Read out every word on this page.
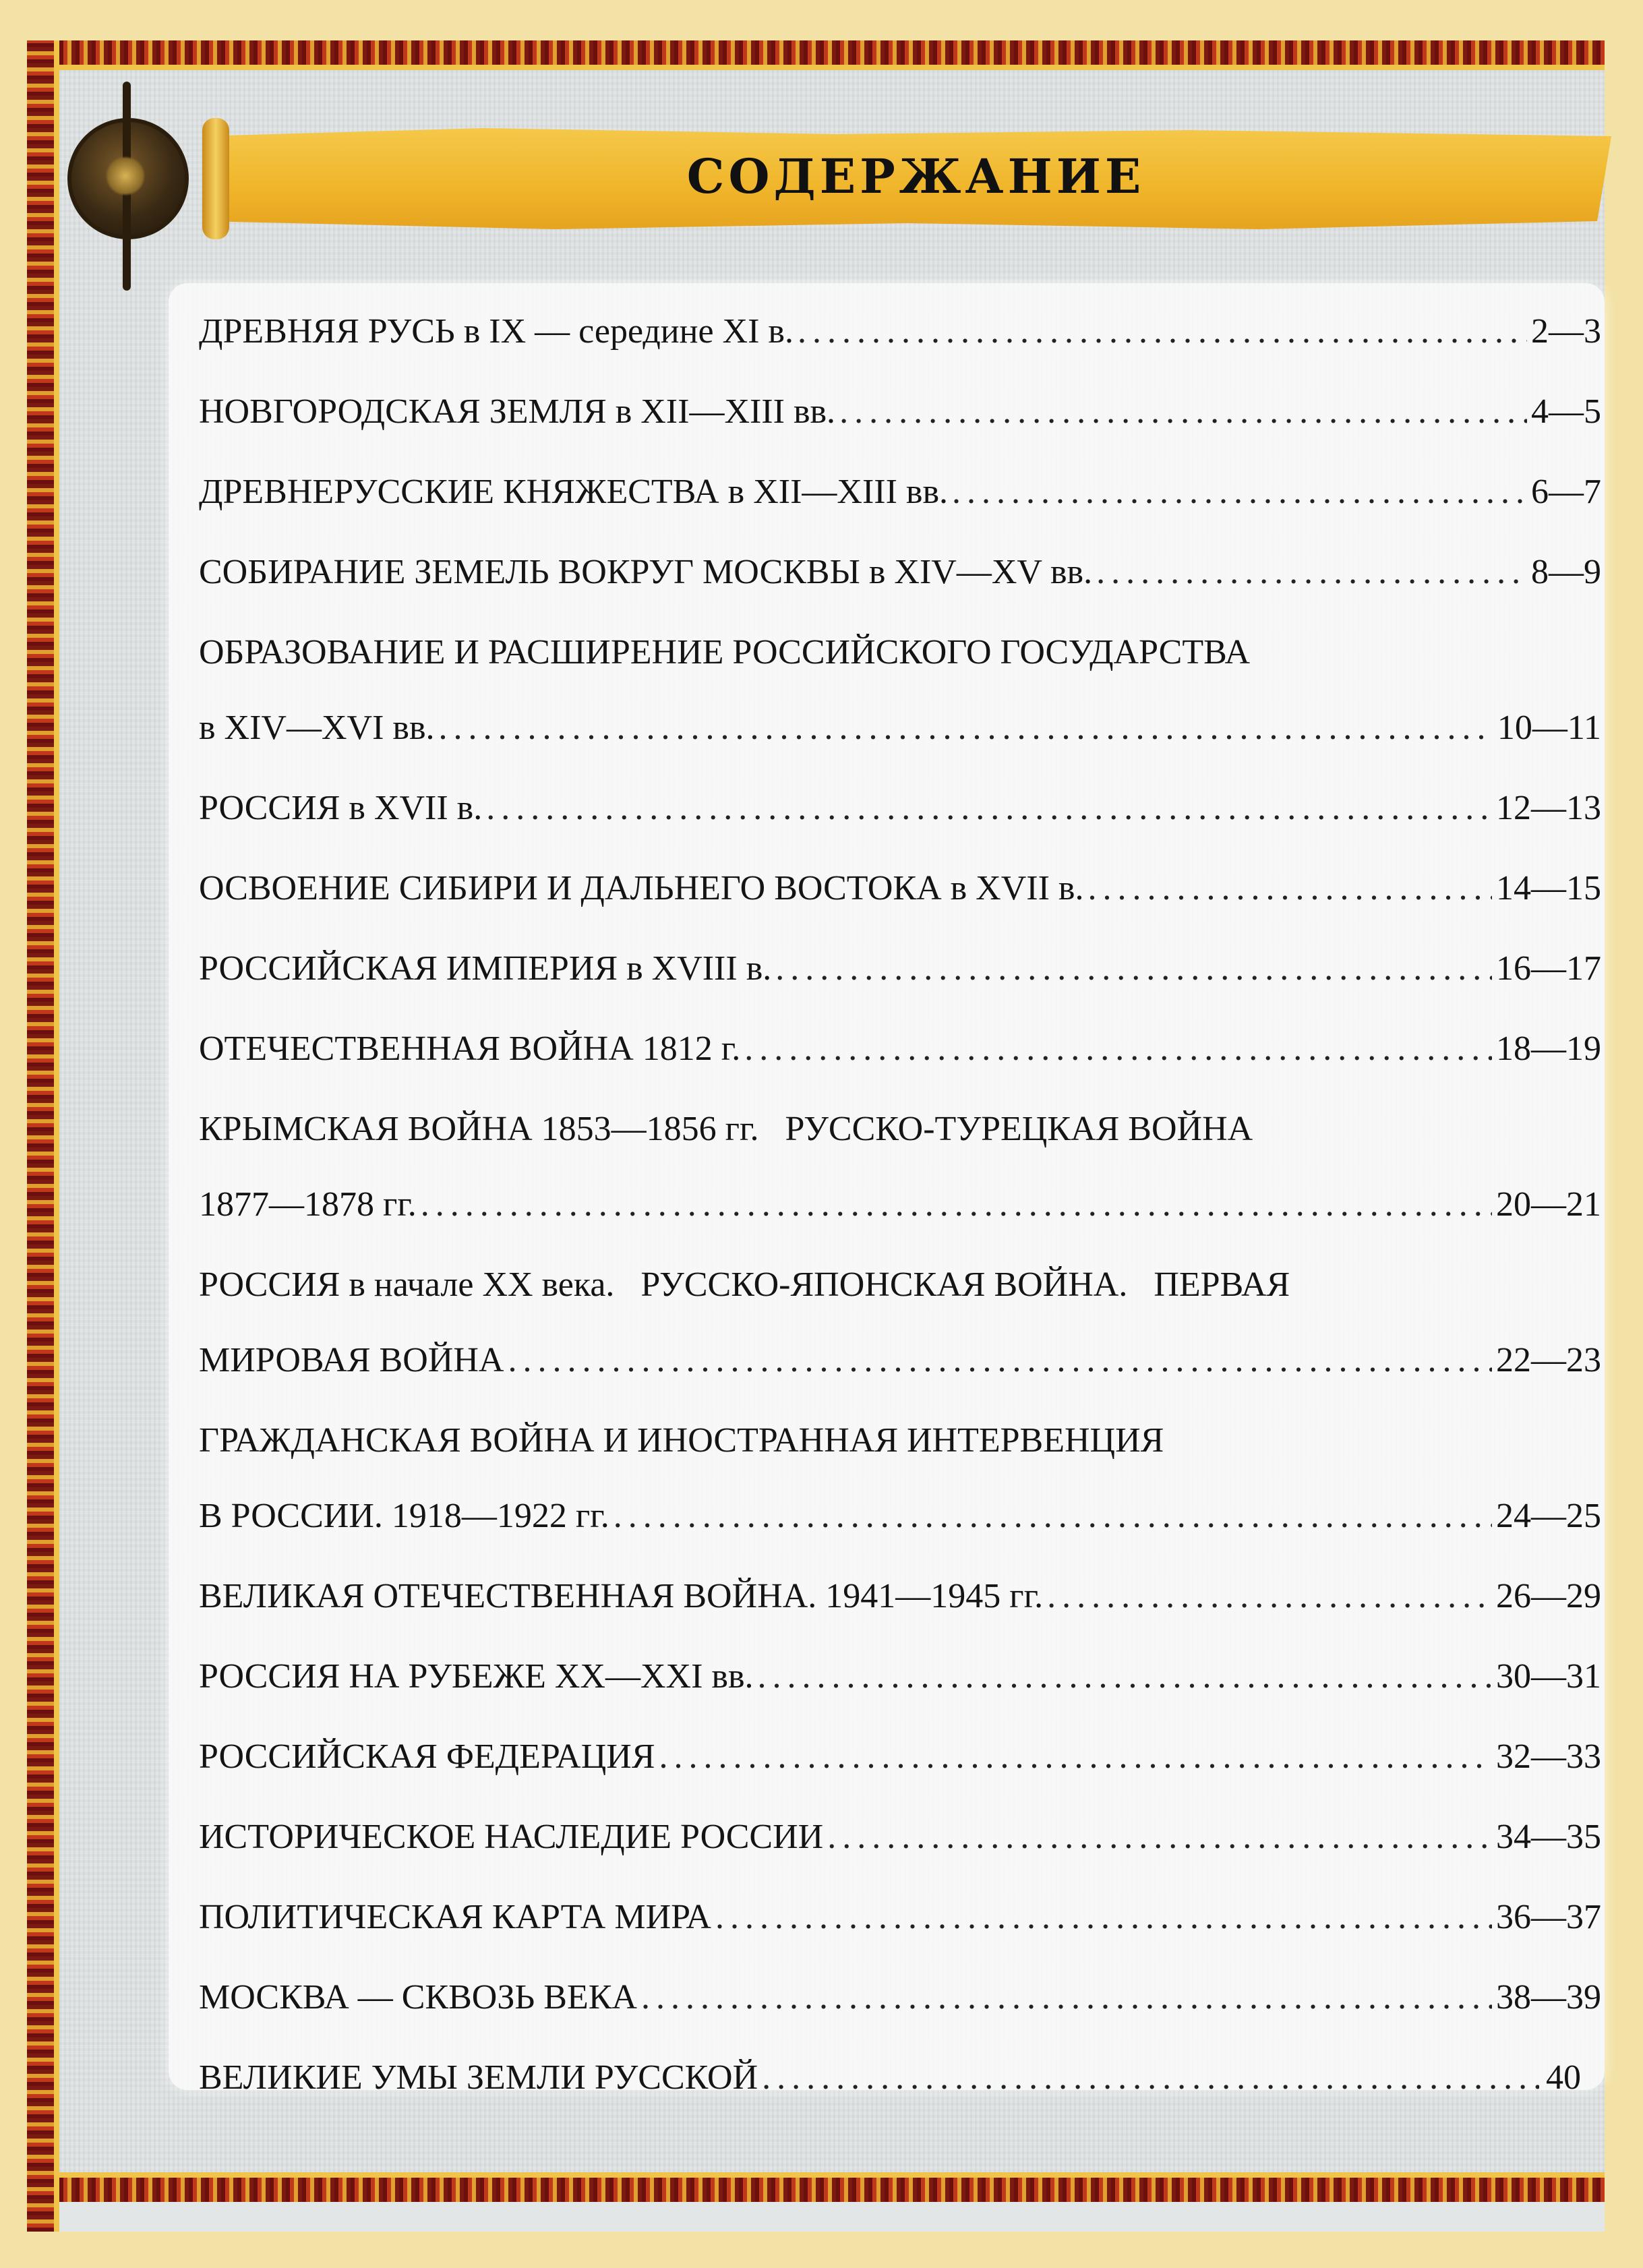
СОДЕРЖАНИЕ
ДРЕВНЯЯ РУСЬ в IX — середине XI в. .....	2—3
НОВГОРОДСКАЯ ЗЕМЛЯ в XII—XIII вв. .....	4—5
ДРЕВНЕРУССКИЕ КНЯЖЕСТВА в XII—XIII вв. .....	6—7
СОБИРАНИЕ ЗЕМЕЛЬ ВОКРУГ МОСКВЫ в XIV—XV вв. .....	8—9
ОБРАЗОВАНИЕ И РАСШИРЕНИЕ РОССИЙСКОГО ГОСУДАРСТВА
в XIV—XVI вв. .....	10—11
РОССИЯ в XVII в. .....	12—13
ОСВОЕНИЕ СИБИРИ И ДАЛЬНЕГО ВОСТОКА в XVII в. .....	14—15
РОССИЙСКАЯ ИМПЕРИЯ в XVIII в. .....	16—17
ОТЕЧЕСТВЕННАЯ ВОЙНА 1812 г. .....	18—19
КРЫМСКАЯ ВОЙНА 1853—1856 гг.   РУССКО-ТУРЕЦКАЯ ВОЙНА
1877—1878 гг. .....	20—21
РОССИЯ в начале XX века.   РУССКО-ЯПОНСКАЯ ВОЙНА.   ПЕРВАЯ
МИРОВАЯ ВОЙНА .....	22—23
ГРАЖДАНСКАЯ ВОЙНА И ИНОСТРАННАЯ ИНТЕРВЕНЦИЯ
В РОССИИ. 1918—1922 гг. .....	24—25
ВЕЛИКАЯ ОТЕЧЕСТВЕННАЯ ВОЙНА. 1941—1945 гг. .....	26—29
РОССИЯ НА РУБЕЖЕ XX—XXI вв. .....	30—31
РОССИЙСКАЯ ФЕДЕРАЦИЯ .....	32—33
ИСТОРИЧЕСКОЕ НАСЛЕДИЕ РОССИИ .....	34—35
ПОЛИТИЧЕСКАЯ КАРТА МИРА .....	36—37
МОСКВА — СКВОЗЬ ВЕКА .....	38—39
ВЕЛИКИЕ УМЫ ЗЕМЛИ РУССКОЙ .....	40
